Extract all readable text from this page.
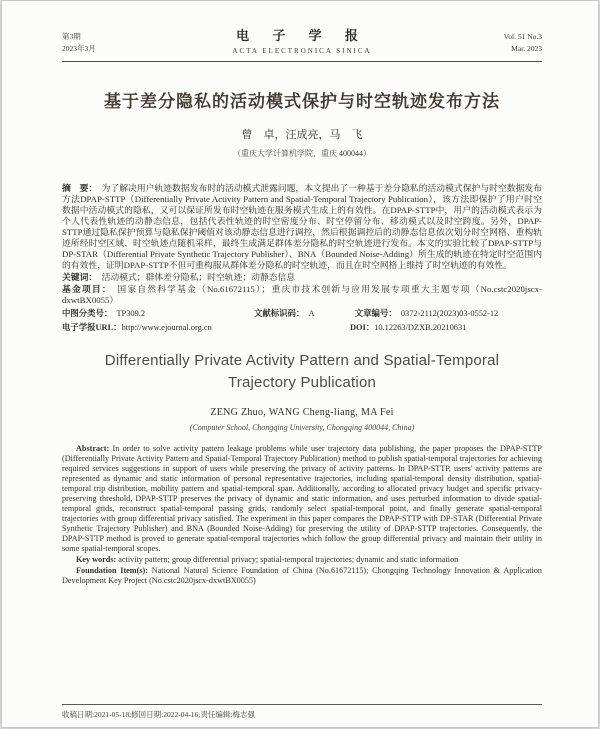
第3期
2023年3月
电 子 学 报
ACTA ELECTRONICA SINICA
Vol. 51 No.3
Mar. 2023
基于差分隐私的活动模式保护与时空轨迹发布方法
曾　卓，汪成亮，马　飞
（重庆大学计算机学院，重庆 400044）

摘　要：　为了解决用户轨迹数据发布时的活动模式泄露问题，本文提出了一种基于差分隐私的活动模式保护与时空数据发布方法DPAP-STTP（Differentially Private Activity Pattern and Spatial-Temporal Trajectory Publication），该方法即保护了用户时空数据中活动模式的隐私，又可以保证所发布时空轨迹在服务模式生成上的有效性。在DPAP-STTP中，用户的活动模式表示为个人代表性轨迹的动静态信息，包括代表性轨迹的时空密度分布、时空停留分布、移动模式以及时空跨度。另外，DPAP-STTP通过隐私保护预算与隐私保护阈值对该动静态信息进行调控，然后根据调控后的动静态信息依次划分时空网格、重构轨迹所经时空区域、时空轨迹点随机采样，最终生成满足群体差分隐私的时空轨迹进行发布。本文的实验比较了DPAP-STTP与DP-STAR（Differential Private Synthetic Trajectory Publisher）、BNA（Bounded Noise-Adding）所生成的轨迹在特定时空范围内的有效性，证明DPAP-STTP不但可重构服从群体差分隐私的时空轨迹，而且在时空网格上维持了时空轨迹的有效性。

关键词：　活动模式；群体差分隐私；时空轨迹；动静态信息

基金项目：　国家自然科学基金（No.61672115）；重庆市技术创新与应用发展专项重大主题专项（No.cstc2020jscx-dxwtBX0055）

中图分类号：　TP309.2	文献标识码：　A	文章编号：　0372-2112(2023)03-0552-12
电子学报URL：http://www.ejournal.org.cn	DOI：10.12263/DZXB.20210631
Differentially Private Activity Pattern and Spatial-Temporal Trajectory Publication
ZENG Zhuo, WANG Cheng-liang, MA Fei
(Computer School, Chongqing University, Chongqing 400044, China)

Abstract: In order to solve activity pattern leakage problems while user trajectory data publishing, the paper proposes the DPAP-STTP (Differentially Private Activity Pattern and Spatial-Temporal Trajectory Publication) method to publish spatial-temporal trajectories for achieving required services suggestions in support of users while preserving the privacy of activity patterns. In DPAP-STTP, users' activity patterns are represented as dynamic and static information of personal representative trajectories, including spatial-temporal density distribution, spatial-temporal trip distribution, mobility pattern and spatial-temporal span. Additionally, according to allocated privacy budget and specific privacy-preserving threshold, DPAP-STTP preserves the privacy of dynamic and static information, and uses perturbed information to divide spatial-temporal grids, reconstruct spatial-temporal passing grids, randomly select spatial-temporal point, and finally generate spatial-temporal trajectories with group differential privacy satisfied. The experiment in this paper compares the DPAP-STTP with DP-STAR (Differential Private Synthetic Trajectory Publisher) and BNA (Bounded Noise-Adding) for preserving the utility of DPAP-STTP trajectories. Consequently, the DPAP-STTP method is proved to generate spatial-temporal trajectories which follow the group differential privacy and maintain their utility in some spatial-temporal scopes.

Key words: activity pattern; group differential privacy; spatial-temporal trajectories; dynamic and static information

Foundation Item(s): National Natural Science Foundation of China (No.61672115); Chongqing Technology Innovation & Application Development Key Project (No.cstc2020jscx-dxwtBX0055)

收稿日期:2021-05-18;修回日期:2022-04-16;责任编辑:梅志强
